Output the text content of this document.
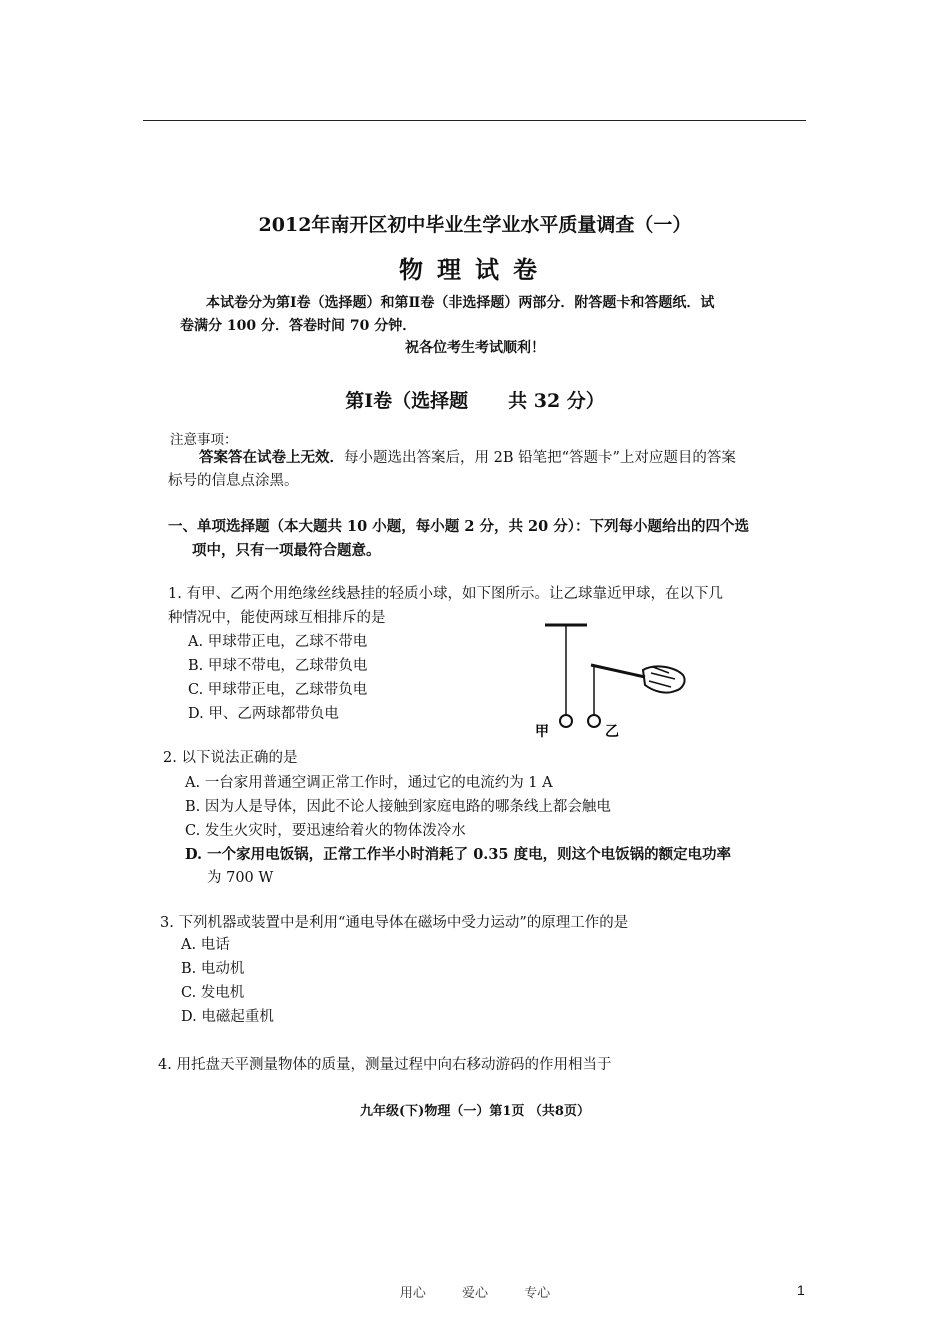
2012年南开区初中毕业生学业水平质量调查（一）
物理试卷
本试卷分为第Ⅰ卷（选择题）和第Ⅱ卷（非选择题）两部分．附答题卡和答题纸．试
卷满分 100 分．答卷时间 70 分钟．
祝各位考生考试顺利！
第Ⅰ卷（选择题 共 32 分）
注意事项：
答案答在试卷上无效．每小题选出答案后，用 2B 铅笔把“答题卡”上对应题目的答案
标号的信息点涂黑。
一、单项选择题（本大题共 10 小题，每小题 2 分，共 20 分）：下列每小题给出的四个选
项中，只有一项最符合题意。
1. 有甲、乙两个用绝缘丝线悬挂的轻质小球，如下图所示。让乙球靠近甲球，在以下几
种情况中，能使两球互相排斥的是
A. 甲球带正电，乙球不带电
B. 甲球不带电，乙球带负电
C. 甲球带正电，乙球带负电
D. 甲、乙两球都带负电
甲	乙
2. 以下说法正确的是
A. 一台家用普通空调正常工作时，通过它的电流约为 1 A
B. 因为人是导体，因此不论人接触到家庭电路的哪条线上都会触电
C. 发生火灾时，要迅速给着火的物体泼冷水
D. 一个家用电饭锅，正常工作半小时消耗了 0.35 度电，则这个电饭锅的额定电功率
为 700 W
3. 下列机器或装置中是利用“通电导体在磁场中受力运动”的原理工作的是
A. 电话
B. 电动机
C. 发电机
D. 电磁起重机
4. 用托盘天平测量物体的质量，测量过程中向右移动游码的作用相当于
九年级(下)物理（一）第1页 （共8页）
用心	爱心	专心	1
